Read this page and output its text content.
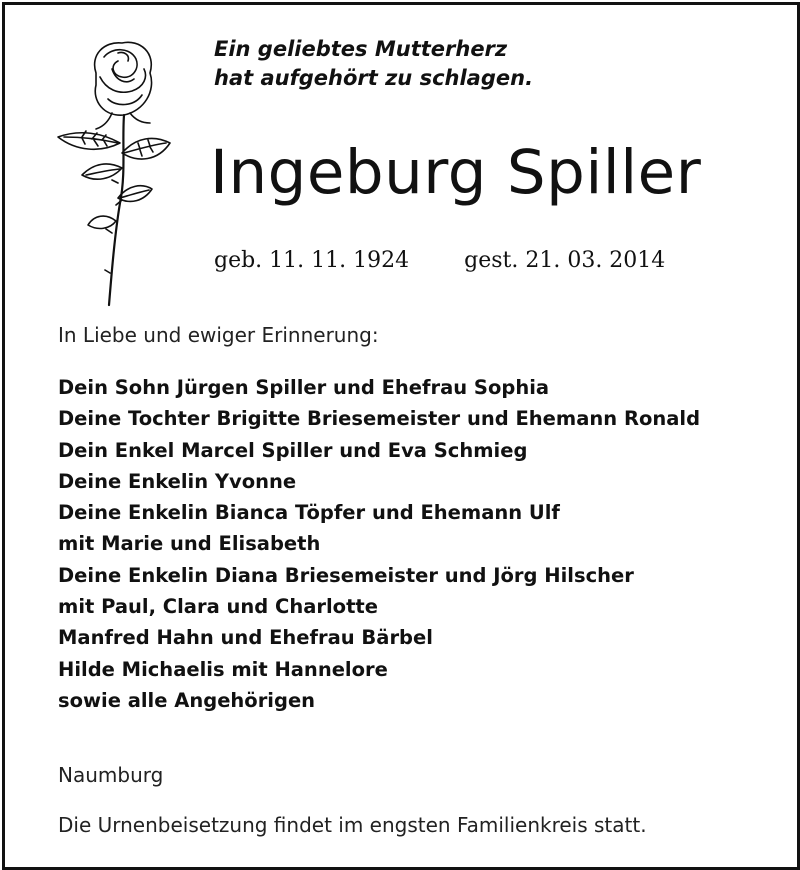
Ein geliebtes Mutterherz
hat aufgehört zu schlagen.

Ingeburg Spiller
geb. 11. 11. 1924	gest. 21. 03. 2014
In Liebe und ewiger Erinnerung:
Dein Sohn Jürgen Spiller und Ehefrau Sophia
Deine Tochter Brigitte Briesemeister und Ehemann Ronald
Dein Enkel Marcel Spiller und Eva Schmieg
Deine Enkelin Yvonne
Deine Enkelin Bianca Töpfer und Ehemann Ulf
mit Marie und Elisabeth
Deine Enkelin Diana Briesemeister und Jörg Hilscher
mit Paul, Clara und Charlotte
Manfred Hahn und Ehefrau Bärbel
Hilde Michaelis mit Hannelore
sowie alle Angehörigen
Naumburg
Die Urnenbeisetzung findet im engsten Familienkreis statt.
